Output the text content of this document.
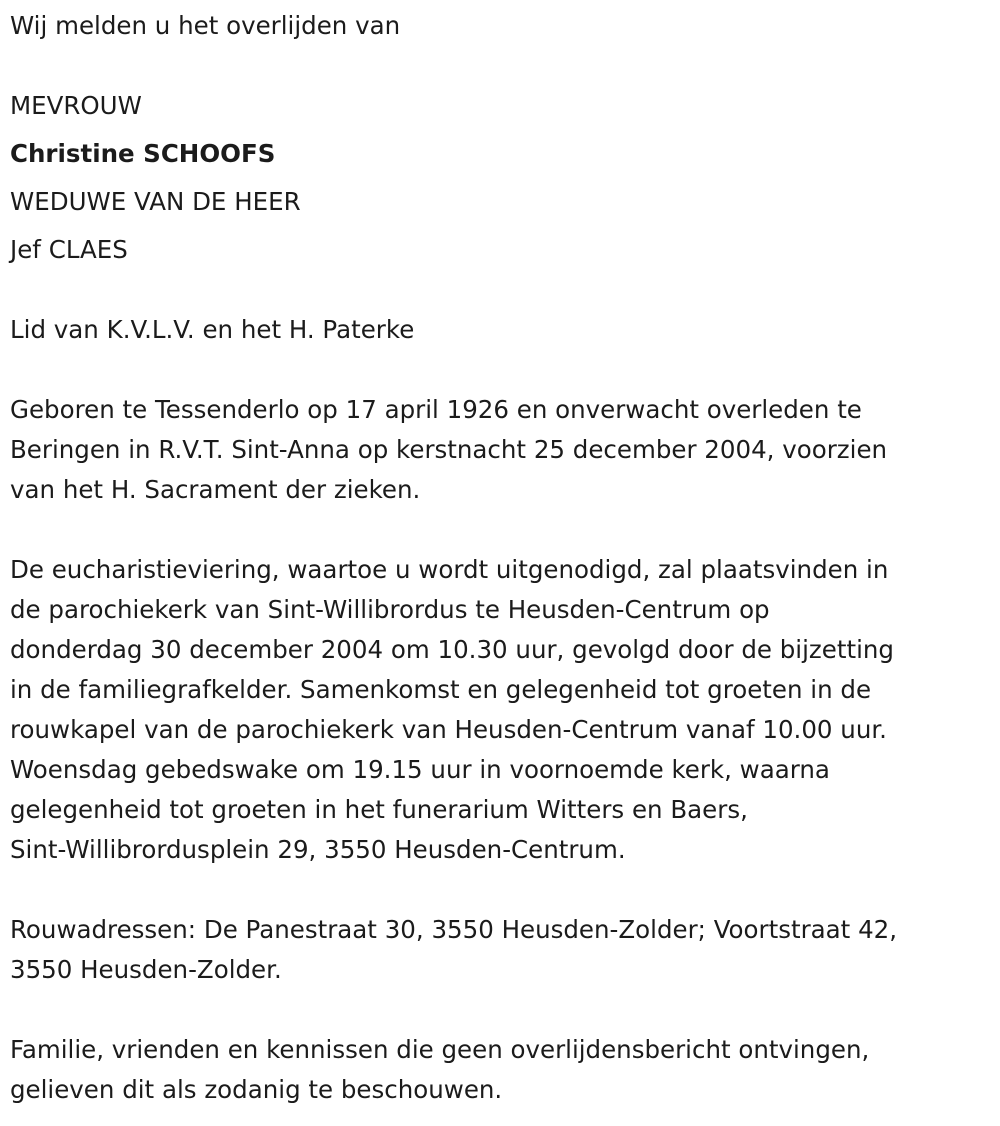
Wij melden u het overlijden van
MEVROUW
Christine SCHOOFS
WEDUWE VAN DE HEER
Jef CLAES
Lid van K.V.L.V. en het H. Paterke

Geboren te Tessenderlo op 17 april 1926 en onverwacht overleden te
Beringen in R.V.T. Sint-Anna op kerstnacht 25 december 2004, voorzien
van het H. Sacrament der zieken.

De eucharistieviering, waartoe u wordt uitgenodigd, zal plaatsvinden in
de parochiekerk van Sint-Willibrordus te Heusden-Centrum op
donderdag 30 december 2004 om 10.30 uur, gevolgd door de bijzetting
in de familiegrafkelder. Samenkomst en gelegenheid tot groeten in de
rouwkapel van de parochiekerk van Heusden-Centrum vanaf 10.00 uur.
Woensdag gebedswake om 19.15 uur in voornoemde kerk, waarna
gelegenheid tot groeten in het funerarium Witters en Baers,
Sint-Willibrordusplein 29, 3550 Heusden-Centrum.

Rouwadressen: De Panestraat 30, 3550 Heusden-Zolder; Voortstraat 42,
3550 Heusden-Zolder.

Familie, vrienden en kennissen die geen overlijdensbericht ontvingen,
gelieven dit als zodanig te beschouwen.
